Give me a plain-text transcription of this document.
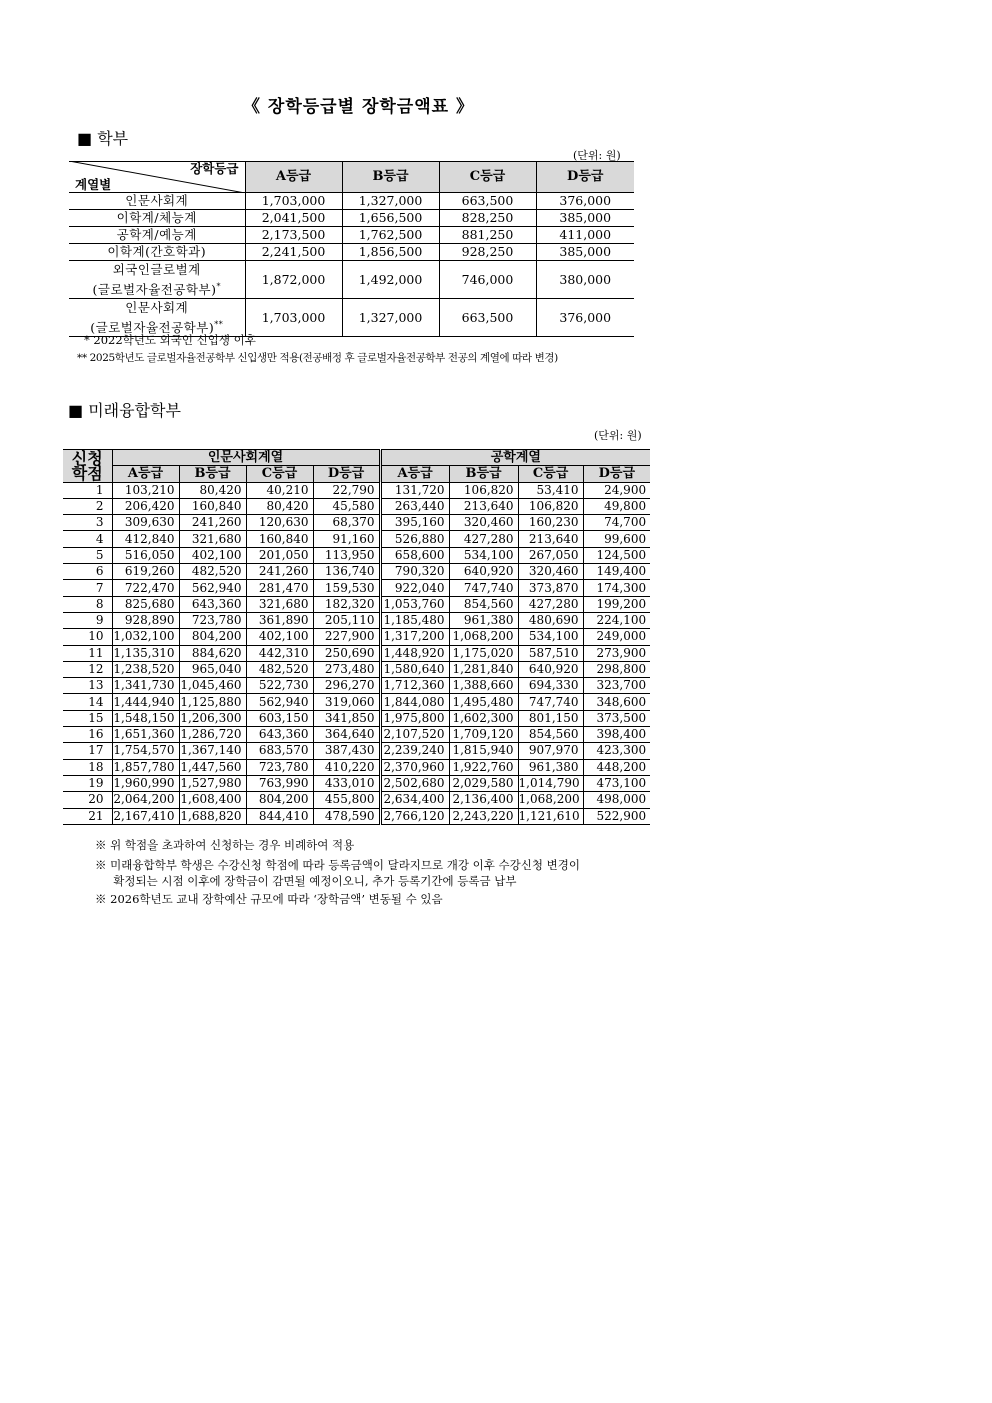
《 장학등급별 장학금액표 》
■ 학부
(단위: 원)
장학등급
계열별	A등급	B등급	C등급	D등급
인문사회계	1,703,000	1,327,000	663,500	376,000
이학계/체능계	2,041,500	1,656,500	828,250	385,000
공학계/예능계	2,173,500	1,762,500	881,250	411,000
이학계(간호학과)	2,241,500	1,856,500	928,250	385,000

외국인글로벌계
(글로벌자율전공학부)*	1,872,000	1,492,000	746,000	380,000

인문사회계
(글로벌자율전공학부)**	1,703,000	1,327,000	663,500	376,000
* 2022학년도 외국인 신입생 이후
** 2025학년도 글로벌자율전공학부 신입생만 적용(전공배정 후 글로벌자율전공학부 전공의 계열에 따라 변경)
■ 미래융합학부
(단위: 원)
신청
학점	인문사회계열				공학계열			
	A등급	B등급	C등급	D등급	A등급	B등급	C등급	D등급
1	103,210	80,420	40,210	22,790	131,720	106,820	53,410	24,900
2	206,420	160,840	80,420	45,580	263,440	213,640	106,820	49,800
3	309,630	241,260	120,630	68,370	395,160	320,460	160,230	74,700
4	412,840	321,680	160,840	91,160	526,880	427,280	213,640	99,600
5	516,050	402,100	201,050	113,950	658,600	534,100	267,050	124,500
6	619,260	482,520	241,260	136,740	790,320	640,920	320,460	149,400
7	722,470	562,940	281,470	159,530	922,040	747,740	373,870	174,300
8	825,680	643,360	321,680	182,320	1,053,760	854,560	427,280	199,200
9	928,890	723,780	361,890	205,110	1,185,480	961,380	480,690	224,100
10	1,032,100	804,200	402,100	227,900	1,317,200	1,068,200	534,100	249,000
11	1,135,310	884,620	442,310	250,690	1,448,920	1,175,020	587,510	273,900
12	1,238,520	965,040	482,520	273,480	1,580,640	1,281,840	640,920	298,800
13	1,341,730	1,045,460	522,730	296,270	1,712,360	1,388,660	694,330	323,700
14	1,444,940	1,125,880	562,940	319,060	1,844,080	1,495,480	747,740	348,600
15	1,548,150	1,206,300	603,150	341,850	1,975,800	1,602,300	801,150	373,500
16	1,651,360	1,286,720	643,360	364,640	2,107,520	1,709,120	854,560	398,400
17	1,754,570	1,367,140	683,570	387,430	2,239,240	1,815,940	907,970	423,300
18	1,857,780	1,447,560	723,780	410,220	2,370,960	1,922,760	961,380	448,200
19	1,960,990	1,527,980	763,990	433,010	2,502,680	2,029,580	1,014,790	473,100
20	2,064,200	1,608,400	804,200	455,800	2,634,400	2,136,400	1,068,200	498,000
21	2,167,410	1,688,820	844,410	478,590	2,766,120	2,243,220	1,121,610	522,900
※ 위 학점을 초과하여 신청하는 경우 비례하여 적용
※ 미래융합학부 학생은 수강신청 학점에 따라 등록금액이 달라지므로 개강 이후 수강신청 변경이
확정되는 시점 이후에 장학금이 감면될 예정이오니, 추가 등록기간에 등록금 납부
※ 2026학년도 교내 장학예산 규모에 따라 ‘장학금액’ 변동될 수 있음
